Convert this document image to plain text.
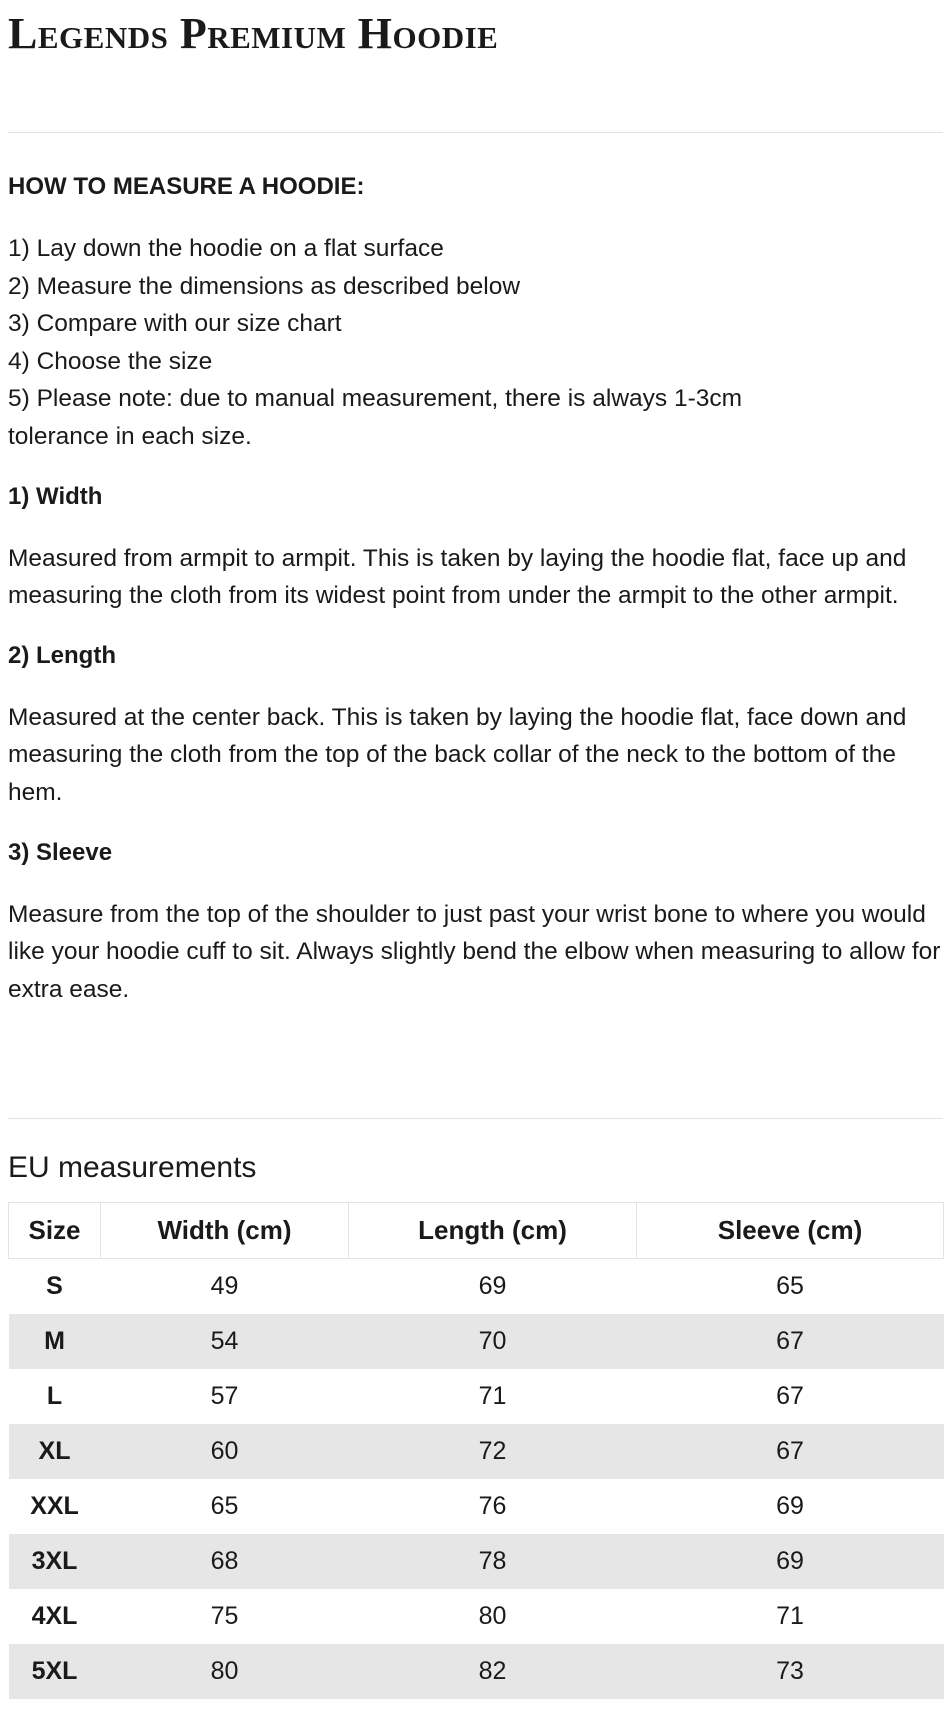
Legends Premium Hoodie

HOW TO MEASURE A HOODIE:

1) Lay down the hoodie on a flat surface

2) Measure the dimensions as described below

3) Compare with our size chart

4) Choose the size

5) Please note: due to manual measurement, there is always 1-3cm tolerance in each size.

1) Width

Measured from armpit to armpit. This is taken by laying the hoodie flat, face up and measuring the cloth from its widest point from under the armpit to the other armpit.

2) Length

Measured at the center back. This is taken by laying the hoodie flat, face down and measuring the cloth from the top of the back collar of the neck to the bottom of the hem.

3) Sleeve

Measure from the top of the shoulder to just past your wrist bone to where you would like your hoodie cuff to sit. Always slightly bend the elbow when measuring to allow for extra ease.

EU measurements
Size	Width (cm)	Length (cm)	Sleeve (cm)
S	49	69	65
M	54	70	67
L	57	71	67
XL	60	72	67
XXL	65	76	69
3XL	68	78	69
4XL	75	80	71
5XL	80	82	73
